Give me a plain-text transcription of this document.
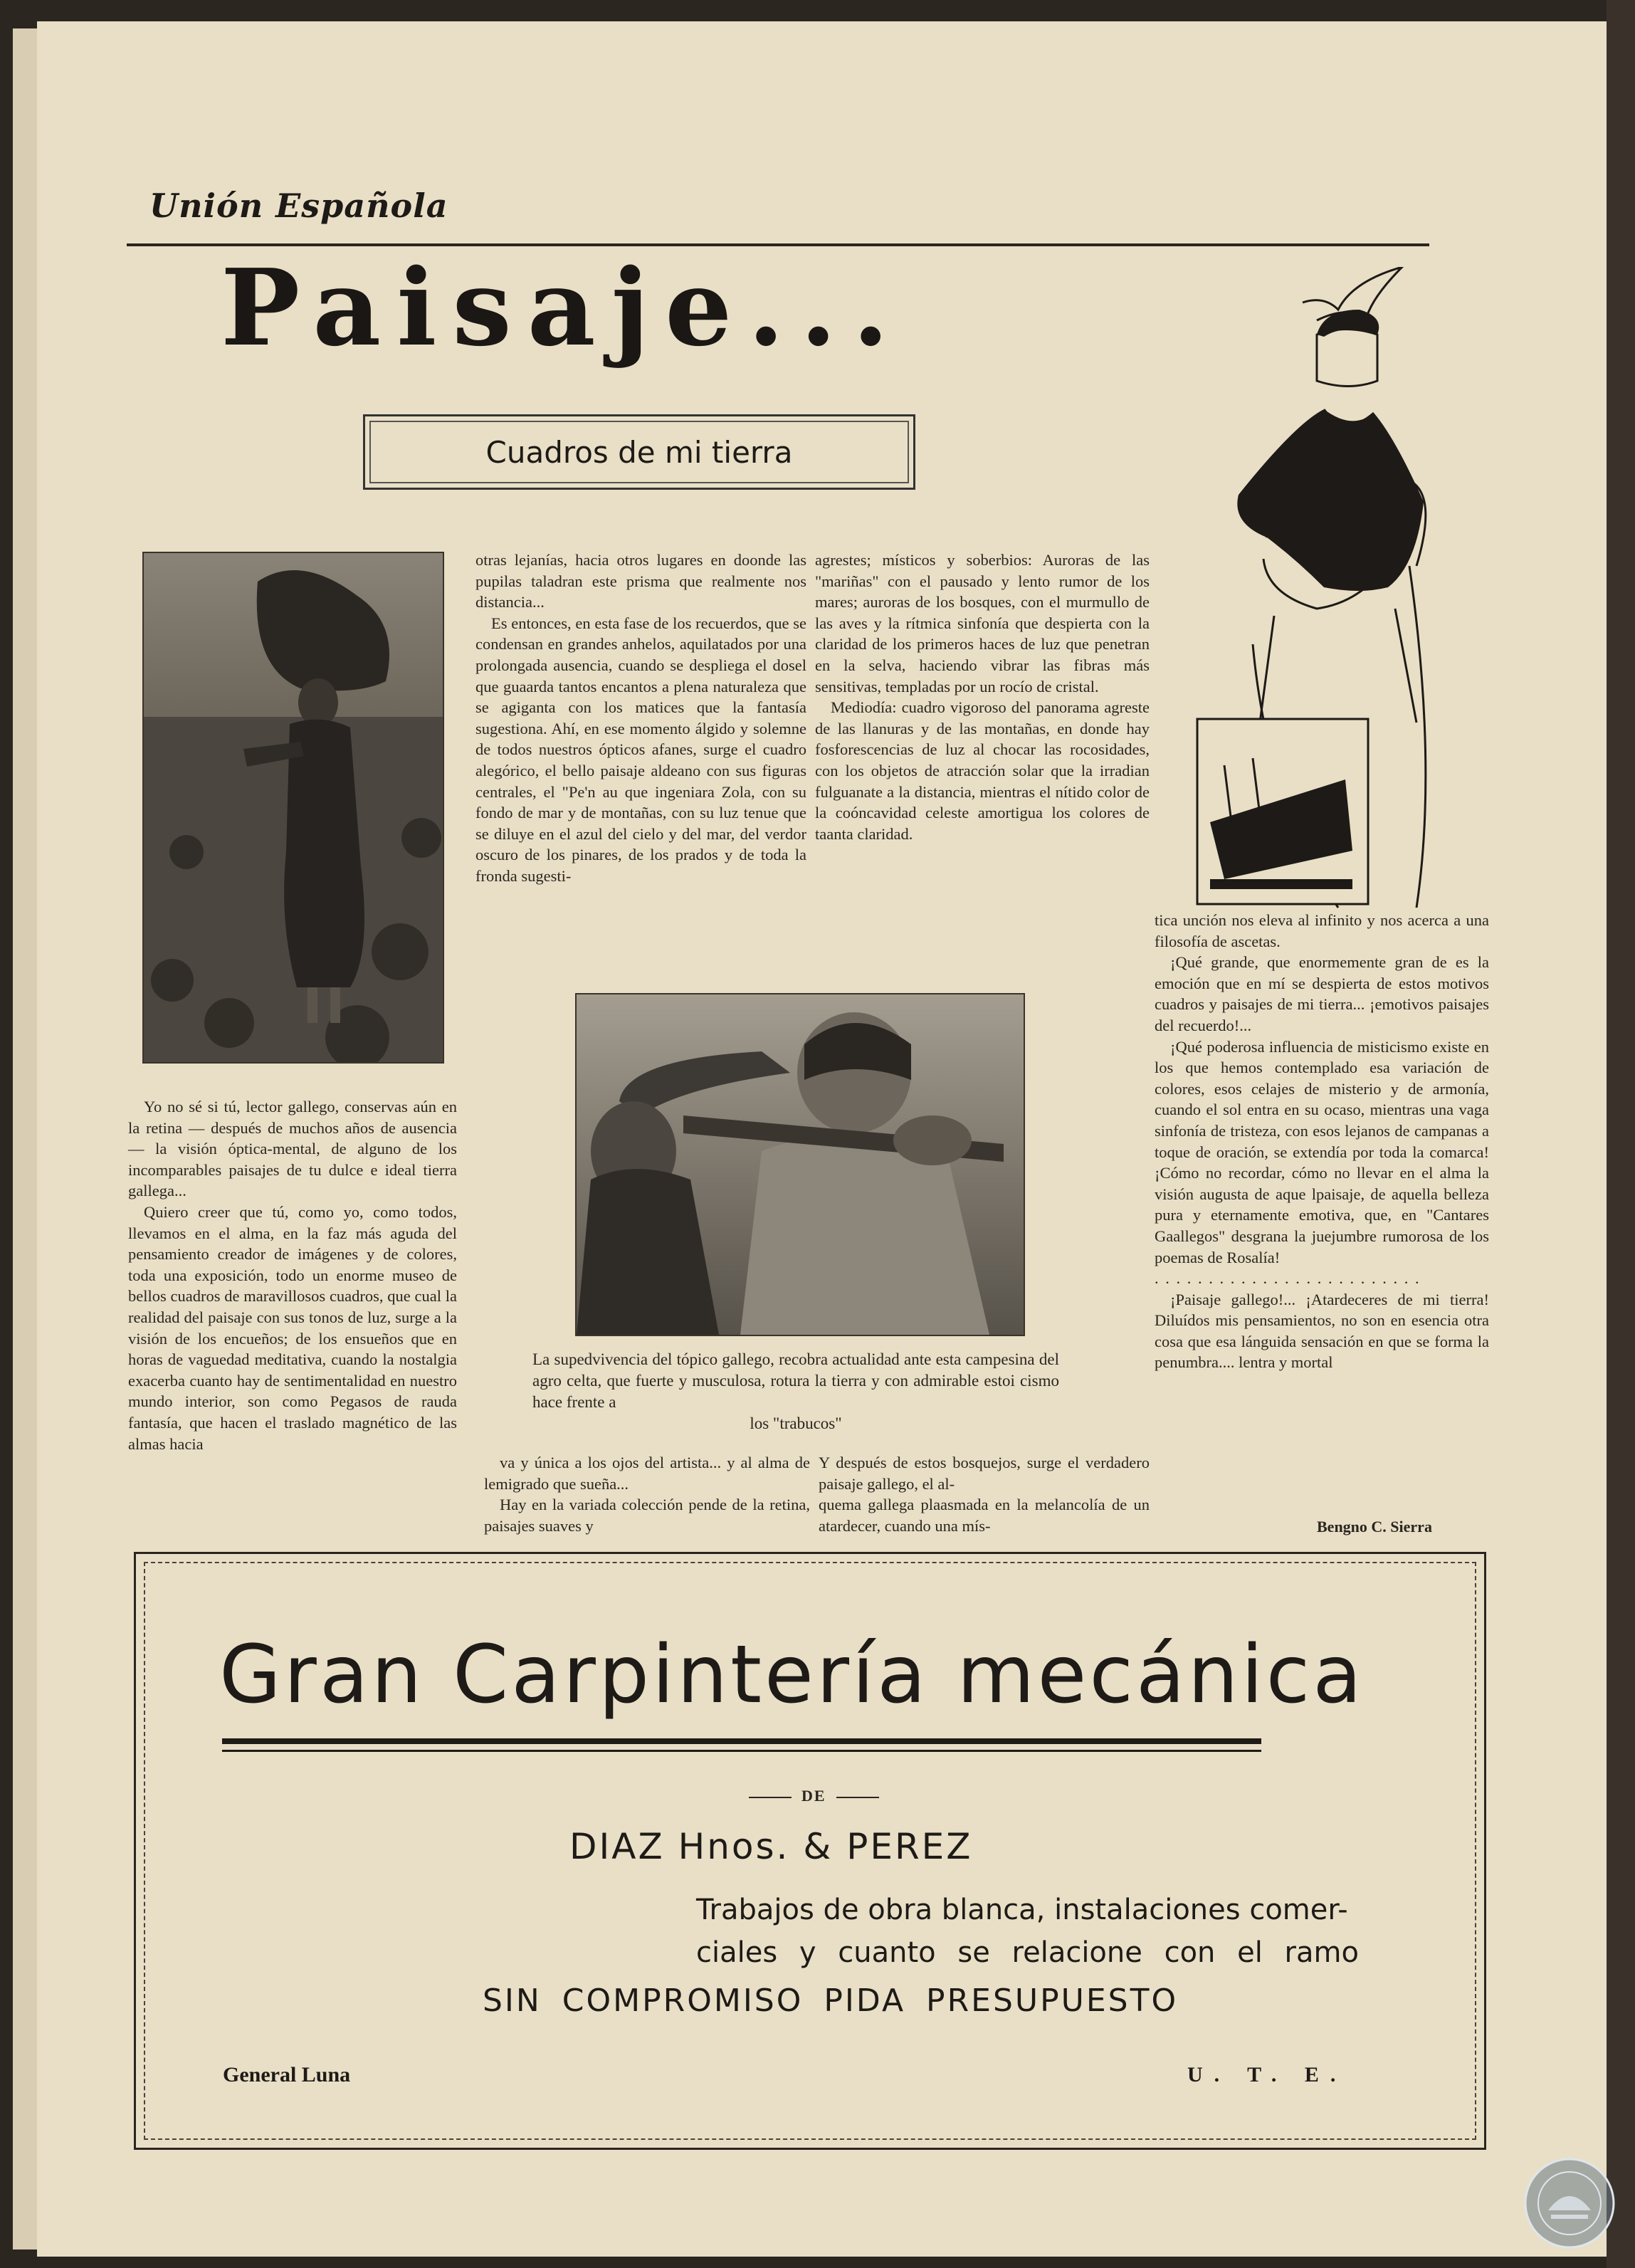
Unión Española
Paisaje...
Cuadros de mi tierra

Yo no sé si tú, lector gallego, conservas aún en la retina — después de muchos años de ausencia — la visión óptica-mental, de alguno de los incomparables paisajes de tu dulce e ideal tierra gallega...

Quiero creer que tú, como yo, como todos, llevamos en el alma, en la faz más aguda del pensamiento creador de imágenes y de colores, toda una exposición, todo un enorme museo de bellos cuadros de maravillosos cuadros, que cual la realidad del paisaje con sus tonos de luz, surge a la visión de los encueños; de los ensueños que en horas de vaguedad meditativa, cuando la nostalgia exacerba cuanto hay de sentimentalidad en nuestro mundo interior, son como Pegasos de rauda fantasía, que hacen el traslado magnético de las almas hacia

otras lejanías, hacia otros lugares en doonde las pupilas taladran este prisma que realmente nos distancia...

Es entonces, en esta fase de los recuerdos, que se condensan en grandes anhelos, aquilatados por una prolongada ausencia, cuando se despliega el dosel que guaarda tantos encantos a plena naturaleza que se agiganta con los matices que la fantasía sugestiona. Ahí, en ese momento álgido y solemne de todos nuestros ópticos afanes, surge el cuadro alegórico, el bello paisaje aldeano con sus figuras centrales, el "Pe'n au que ingeniara Zola, con su fondo de mar y de montañas, con su luz tenue que se diluye en el azul del cielo y del mar, del verdor oscuro de los pinares, de los prados y de toda la fronda sugesti-

agrestes; místicos y soberbios: Auroras de las "mariñas" con el pausado y lento rumor de los mares; auroras de los bosques, con el murmullo de las aves y la rítmica sinfonía que despierta con la claridad de los primeros haces de luz que penetran en la selva, haciendo vibrar las fibras más sensitivas, templadas por un rocío de cristal.

Mediodía: cuadro vigoroso del panorama agreste de las llanuras y de las montañas, en donde hay fosforescencias de luz al chocar las rocosidades, con los objetos de atracción solar que la irradian fulguanate a la distancia, mientras el nítido color de la coóncavidad celeste amortigua los colores de taanta claridad.

va y única a los ojos del artista... y al alma de lemigrado que sueña...

Hay en la variada colección pende de la retina, paisajes suaves y

Y después de estos bosquejos, surge el verdadero paisaje gallego, el al-

quema gallega plaasmada en la melancolía de un atardecer, cuando una mís-

tica unción nos eleva al infinito y nos acerca a una filosofía de ascetas.

¡Qué grande, que enormemente gran de es la emoción que en mí se despierta de estos motivos cuadros y paisajes de mi tierra... ¡emotivos paisajes del recuerdo!...

¡Qué poderosa influencia de misticismo existe en los que hemos contemplado esa variación de colores, esos celajes de misterio y de armonía, cuando el sol entra en su ocaso, mientras una vaga sinfonía de tristeza, con esos lejanos de campanas a toque de oración, se extendía por toda la comarca! ¡Cómo no recordar, cómo no llevar en el alma la visión augusta de aque lpaisaje, de aquella belleza pura y eternamente emotiva, que, en "Cantares Gaallegos" desgrana la juejumbre rumorosa de los poemas de Rosalía!

. . . . . . . . . . . . . . . . . . . . . . . . .

¡Paisaje gallego!... ¡Atardeceres de mi tierra! Diluídos mis pensamientos, no son en esencia otra cosa que esa lánguida sensación en que se forma la penumbra.... lentra y mortal

La supedvivencia del tópico gallego, recobra actualidad ante esta campesina del agro celta, que fuerte y musculosa, rotura la tierra y con admirable estoi cismo hace frente a
los "trabucos"
Bengno C. Sierra
Gran Carpintería mecánica
DE
DIAZ Hnos. & PEREZ
Trabajos de obra blanca, instalaciones comer-
ciales y cuanto se relacione con el ramo
SIN COMPROMISO PIDA PRESUPUESTO
General Luna	U. T. E.
